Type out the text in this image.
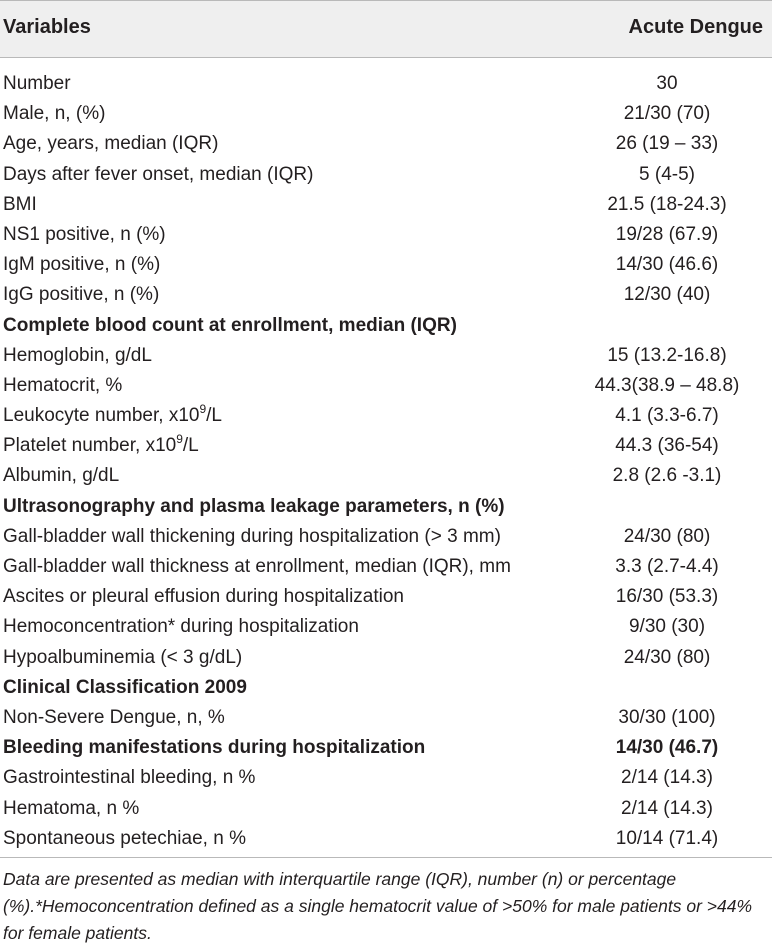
Variables	Acute Dengue
Number	30
Male, n, (%)	21/30 (70)
Age, years, median (IQR)	26 (19 – 33)
Days after fever onset, median (IQR)	5 (4-5)
BMI	21.5 (18-24.3)
NS1 positive, n (%)	19/28 (67.9)
IgM positive, n (%)	14/30 (46.6)
IgG positive, n (%)	12/30 (40)
Complete blood count at enrollment, median (IQR)
Hemoglobin, g/dL	15 (13.2-16.8)
Hematocrit, %	44.3(38.9 – 48.8)
Leukocyte number, $x10^9/L$	4.1 (3.3-6.7)
Platelet number, $x10^9/L$	44.3 (36-54)
Albumin, g/dL	2.8 (2.6 -3.1)
Ultrasonography and plasma leakage parameters, n (%)
Gall-bladder wall thickening during hospitalization (> 3 mm)	24/30 (80)
Gall-bladder wall thickness at enrollment, median (IQR), mm	3.3 (2.7-4.4)
Ascites or pleural effusion during hospitalization	16/30 (53.3)
Hemoconcentration* during hospitalization	9/30 (30)
Hypoalbuminemia (< 3 g/dL)	24/30 (80)
Clinical Classification 2009
Non-Severe Dengue, n, %	30/30 (100)
Bleeding manifestations during hospitalization	14/30 (46.7)
Gastrointestinal bleeding, n %	2/14 (14.3)
Hematoma, n %	2/14 (14.3)
Spontaneous petechiae, n %	10/14 (71.4)
Data are presented as median with interquartile range (IQR), number (n) or percentage (%).*Hemoconcentration defined as a single hematocrit value of >50% for male patients or >44% for female patients.
